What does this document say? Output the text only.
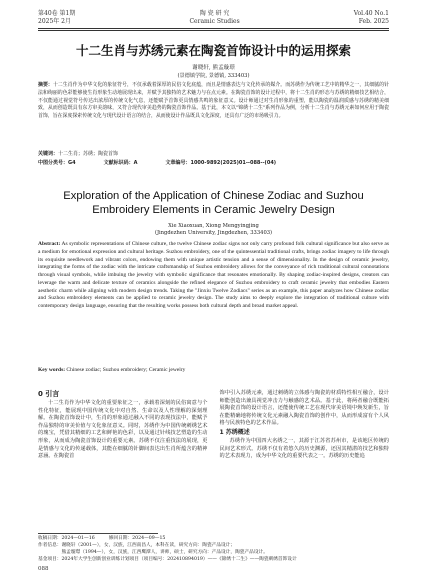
第40卷 第1期
2025年 2月
陶 瓷 研 究
Ceramic Studies
Vol.40 No.1
Feb. 2025
十二生肖与苏绣元素在陶瓷首饰设计中的运用探索
谢晓轩, 熊孟璇璟
(景德镇学院, 景德镇, 333403)
摘要：十二生肖作为中华文化的象征符号，不仅承载着深厚的民俗文化底蕴，而且是情感表达与文化传承的媒介。而苏绣作为传统工艺中的精华之一，其细腻的针法和绚丽的色彩能够使生肖形象生动地展现出来，并赋予其独特的艺术魅力与在点元素。在陶瓷首饰的设计过程中，将十二生肖的形态与苏绣的精细技艺相结合，不仅能通过视觉符号传达出浓厚的传统文化气息，还能赋予首饰更具情感共鸣的象征意义。设计师通过对生肖形象的重塑，能以陶瓷的温润质感与苏绣的精美细致，从而创造既具有东方审美韵味，又符合现代审美趋势的陶瓷首饰作品。基于此，本文以"锦绣十二生"系列作品为例，分析十二生肖与苏绣元素如何应用于陶瓷首饰，旨在深度探索传统文化与现代设计语言的结合，从而使设计作品既具文化深度，还具有广泛的市场吸引力。
关键词：十二生肖；苏绣；陶瓷首饰
中图分类号：G4	文献标识码：A	文章编号：1000-9892(2025)01--088--(04)
Exploration of the Application of Chinese Zodiac and Suzhou Embroidery Elements in Ceramic Jewelry Design
Xie Xiaoxuan, Xiong Mengyingjing
(Jingdezhen University, Jingdezhen, 333403)
Abstract: As symbolic representations of Chinese culture, the twelve Chinese zodiac signs not only carry profound folk cultural significance but also serve as a medium for emotional expression and cultural heritage. Suzhou embroidery, one of the quintessential traditional crafts, brings zodiac imagery to life through its exquisite needlework and vibrant colors, endowing them with unique artistic tension and a sense of dimensionality. In the design of ceramic jewelry, integrating the forms of the zodiac with the intricate craftsmanship of Suzhou embroidery allows for the conveyance of rich traditional cultural connotations through visual symbols, while imbuing the jewelry with symbolic significance that resonates emotionally. By shaping zodiac-inspired designs, creators can leverage the warm and delicate texture of ceramics alongside the refined elegance of Suzhou embroidery to craft ceramic jewelry that embodies Eastern aesthetic charm while aligning with modern design trends. Taking the "Jinxiu Twelve Zodiacs" series as an example, this paper analyzes how Chinese zodiac and Suzhou embroidery elements can be applied to ceramic jewelry design. The study aims to deeply explore the integration of traditional culture with contemporary design language, ensuring that the resulting works possess both cultural depth and broad market appeal.
Key words: Chinese zodiac; Suzhou embroidery; Ceramic jewelry
0 引言
十二生肖作为中华文化的重要象征之一，承载着深刻的民俗寓意与个性化特征，能展现中国传统文化中对自然、生命以及人性理解的深刻理解。在陶瓷首饰设计中，生肖的形象通过融入不同的表现技法中，能赋予作品独特的审美价值与文化象征意义。同时，苏绣作为中国传统刺绣艺术的瑰宝，凭借其精细的工艺和鲜艳的色彩，以及通过针线技艺塑造的生动形象，从而成为陶瓷首饰设计的重要元素。苏绣不仅注重技法的展现，更是情感与文化的传递载体，其能在细腻的针脚间表达出生肖所蕴含的精神意涵。在陶瓷首
饰中引入苏绣元素，通过刺绣的立体感与陶瓷的材质特性相互融合，设计师能创造出兼具视觉冲击力与触感的艺术品。基于此，将两者融合既能拓展陶瓷首饰的设计语言，还能使传统工艺在现代审美语境中焕发新生，旨在能精确地将传统文化元素融入陶瓷首饰的创作中，从而形成富有个人风格与民族特色的艺术作品。
1 苏绣概述
苏绣作为中国四大名绣之一，其源于江苏省苏州市，是该地区传统的民间艺术形式。苏绣不仅有着悠久的历史渊源，还因其精湛的技艺和独特的艺术表现力，成为中华文化的重要代表之一。苏绣的历史能追
收稿日期：2024—01—16　　　修回日期：2024—09—15
作者信息：谢晓轩（2001—），女，汉族，江西南昌人，本科在读，研究方向：陶瓷产品设计；
　　　　　熊孟璇璟（1994—），女，汉族，江西鹰潭人，讲师，硕士，研究方向：产品设计，陶瓷产品设计。
基金项目：2024年大学生创新创业训练计划项目（项目编号：202410894019）——《锦绣十二生》——陶瓷刺绣首饰设计
088
